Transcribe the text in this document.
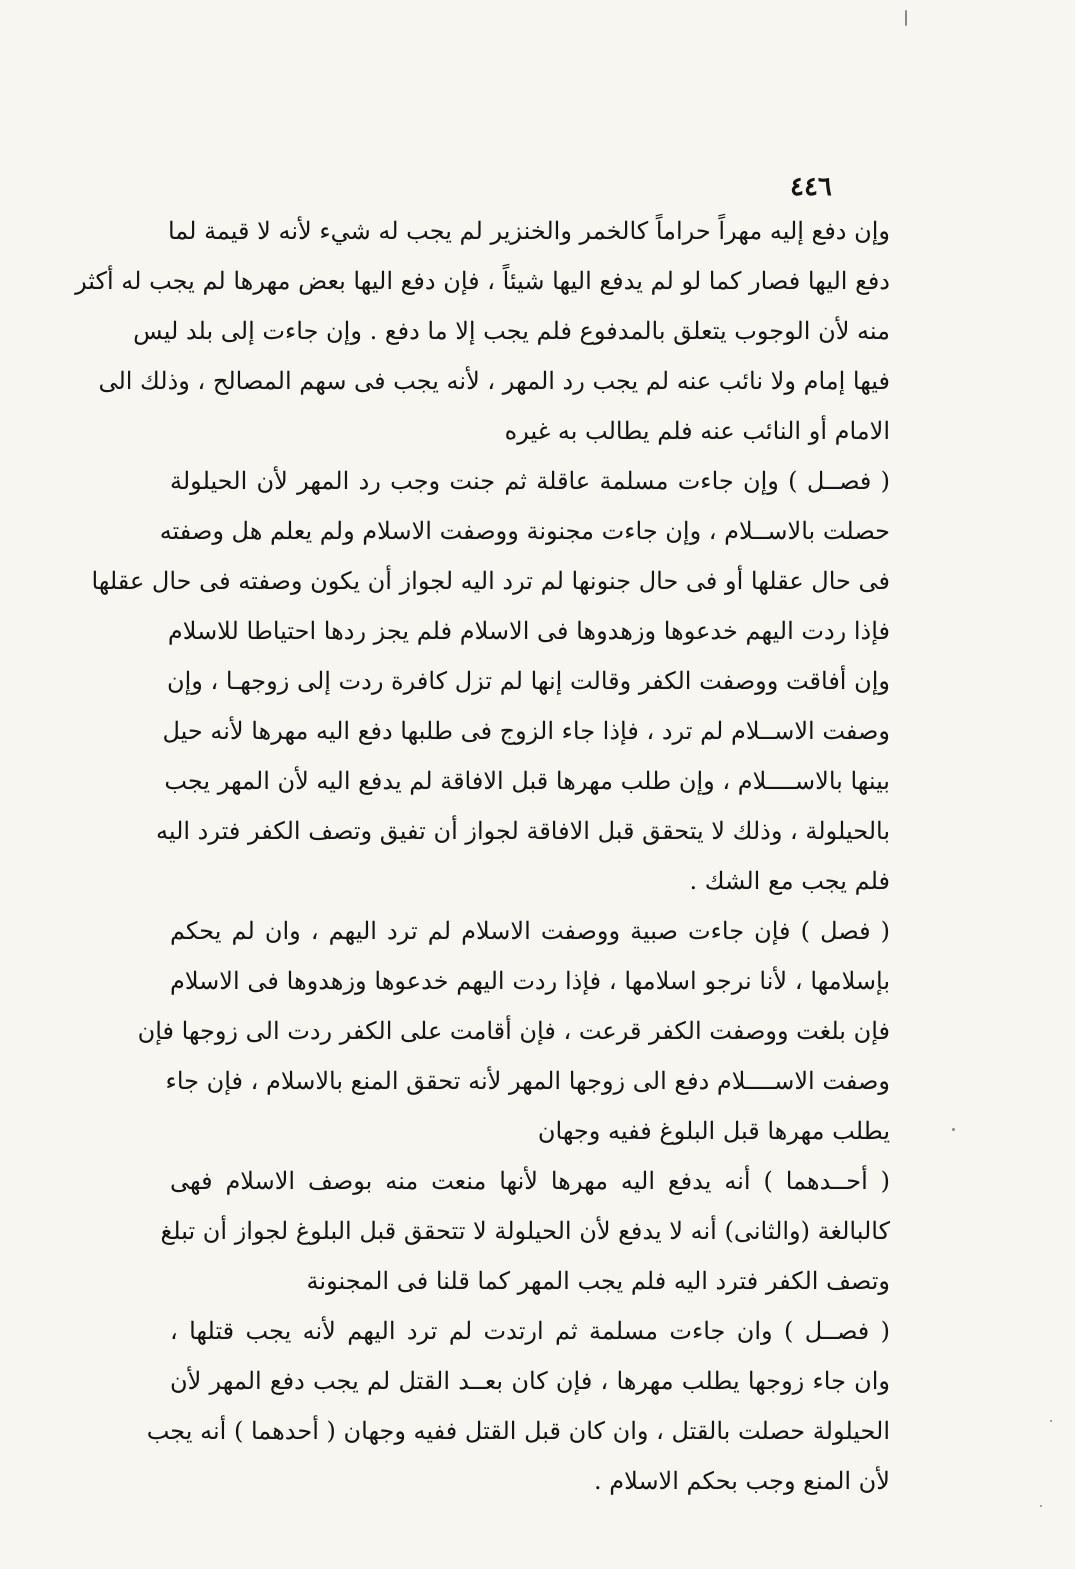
٤٤٦
وإن دفع إليه مهراً حراماً كالخمر والخنزير لم يجب له شيء لأنه لا قيمة لما
دفع اليها فصار كما لو لم يدفع اليها شيئاً ، فإن دفع اليها بعض مهرها لم يجب له أكثر
منه لأن الوجوب يتعلق بالمدفوع فلم يجب إلا ما دفع . وإن جاءت إلى بلد ليس
فيها إمام ولا نائب عنه لم يجب رد المهر ، لأنه يجب فى سهم المصالح ، وذلك الى
الامام أو النائب عنه فلم يطالب به غيره
( فصــل ) وإن جاءت مسلمة عاقلة ثم جنت وجب رد المهر لأن الحيلولة
حصلت بالاســلام ، وإن جاءت مجنونة ووصفت الاسلام ولم يعلم هل وصفته
فى حال عقلها أو فى حال جنونها لم ترد اليه لجواز أن يكون وصفته فى حال عقلها
فإذا ردت اليهم خدعوها وزهدوها فى الاسلام فلم يجز ردها احتياطا للاسلام
وإن أفاقت ووصفت الكفر وقالت إنها لم تزل كافرة ردت إلى زوجهـا ، وإن
وصفت الاســلام لم ترد ، فإذا جاء الزوج فى طلبها دفع اليه مهرها لأنه حيل
بينها بالاســــلام ، وإن طلب مهرها قبل الافاقة لم يدفع اليه لأن المهر يجب
بالحيلولة ، وذلك لا يتحقق قبل الافاقة لجواز أن تفيق وتصف الكفر فترد اليه
فلم يجب مع الشك .
( فصل ) فإن جاءت صبية ووصفت الاسلام لم ترد اليهم ، وان لم يحكم
بإسلامها ، لأنا نرجو اسلامها ، فإذا ردت اليهم خدعوها وزهدوها فى الاسلام
فإن بلغت ووصفت الكفر قرعت ، فإن أقامت على الكفر ردت الى زوجها فإن
وصفت الاســــلام دفع الى زوجها المهر لأنه تحقق المنع بالاسلام ، فإن جاء
يطلب مهرها قبل البلوغ ففيه وجهان
( أحــدهما ) أنه يدفع اليه مهرها لأنها منعت منه بوصف الاسلام فهى
كالبالغة (والثانى) أنه لا يدفع لأن الحيلولة لا تتحقق قبل البلوغ لجواز أن تبلغ
وتصف الكفر فترد اليه فلم يجب المهر كما قلنا فى المجنونة
( فصــل ) وان جاءت مسلمة ثم ارتدت لم ترد اليهم لأنه يجب قتلها ،
وان جاء زوجها يطلب مهرها ، فإن كان بعــد القتل لم يجب دفع المهر لأن
الحيلولة حصلت بالقتل ، وان كان قبل القتل ففيه وجهان ( أحدهما ) أنه يجب
لأن المنع وجب بحكم الاسلام .
